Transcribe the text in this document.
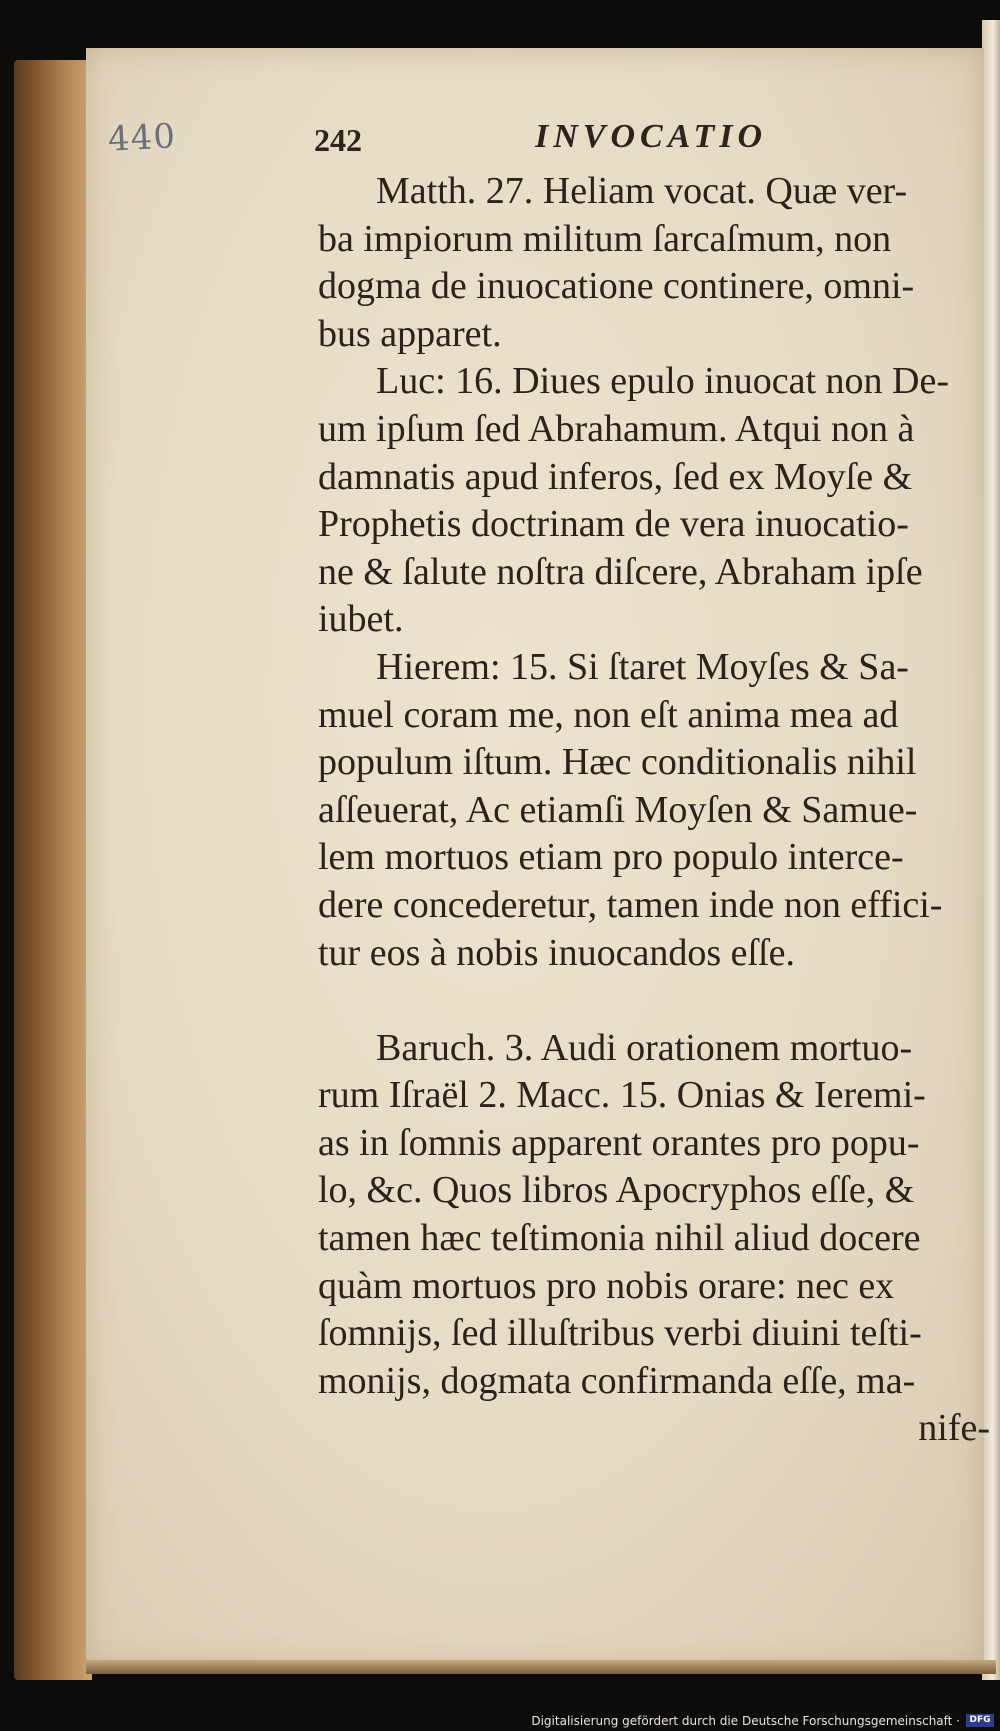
440	242	INVOCATIO
Matth. 27. Heliam vocat. Quæ ver-
ba impiorum militum ſarcaſmum, non
dogma de inuocatione continere, omni-
bus apparet.
Luc: 16. Diues epulo inuocat non De-
um ipſum ſed Abrahamum. Atqui non à
damnatis apud inferos, ſed ex Moyſe &
Prophetis doctrinam de vera inuocatio-
ne & ſalute noſtra diſcere, Abraham ipſe
iubet.
Hierem: 15. Si ſtaret Moyſes & Sa-
muel coram me, non eſt anima mea ad
populum iſtum. Hæc conditionalis nihil
aſſeuerat, Ac etiamſi Moyſen & Samue-
lem mortuos etiam pro populo interce-
dere concederetur, tamen inde non effici-
tur eos à nobis inuocandos eſſe.
Baruch. 3. Audi orationem mortuo-
rum Iſraël 2. Macc. 15. Onias & Ieremi-
as in ſomnis apparent orantes pro popu-
lo, &c. Quos libros Apocryphos eſſe, &
tamen hæc teſtimonia nihil aliud docere
quàm mortuos pro nobis orare: nec ex
ſomnijs, ſed illuſtribus verbi diuini teſti-
monijs, dogmata confirmanda eſſe, ma-
nife-
Digitalisierung gefördert durch die Deutsche Forschungsgemeinschaft ·	DFG
